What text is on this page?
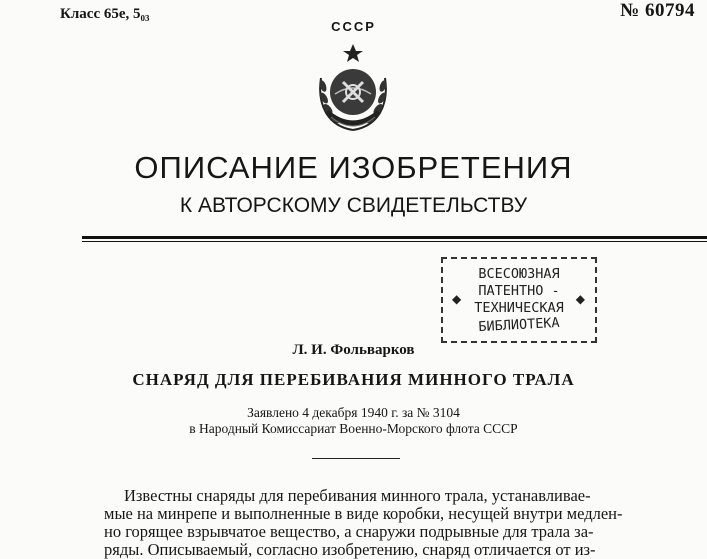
Класс 65е, 5₀₃	№ 60794
СССР
ОПИСАНИЕ ИЗОБРЕТЕНИЯ
К АВТОРСКОМУ СВИДЕТЕЛЬСТВУ
ВСЕСОЮЗНАЯ
ПАТЕНТНО -
ТЕХНИЧЕСКАЯ
БИБЛИОТЕКА
◆	◆
Л. И. Фольварков
СНАРЯД ДЛЯ ПЕРЕБИВАНИЯ МИННОГО ТРАЛА
Заявлено 4 декабря 1940 г. за № 3104
в Народный Комиссариат Военно-Морского флота СССР
Известны снаряды для перебивания минного трала, устанавливае-
мые на минрепе и выполненные в виде коробки, несущей внутри медлен-
но горящее взрывчатое вещество, а снаружи подрывные для трала за-
ряды. Описываемый, согласно изобретению, снаряд отличается от из-
